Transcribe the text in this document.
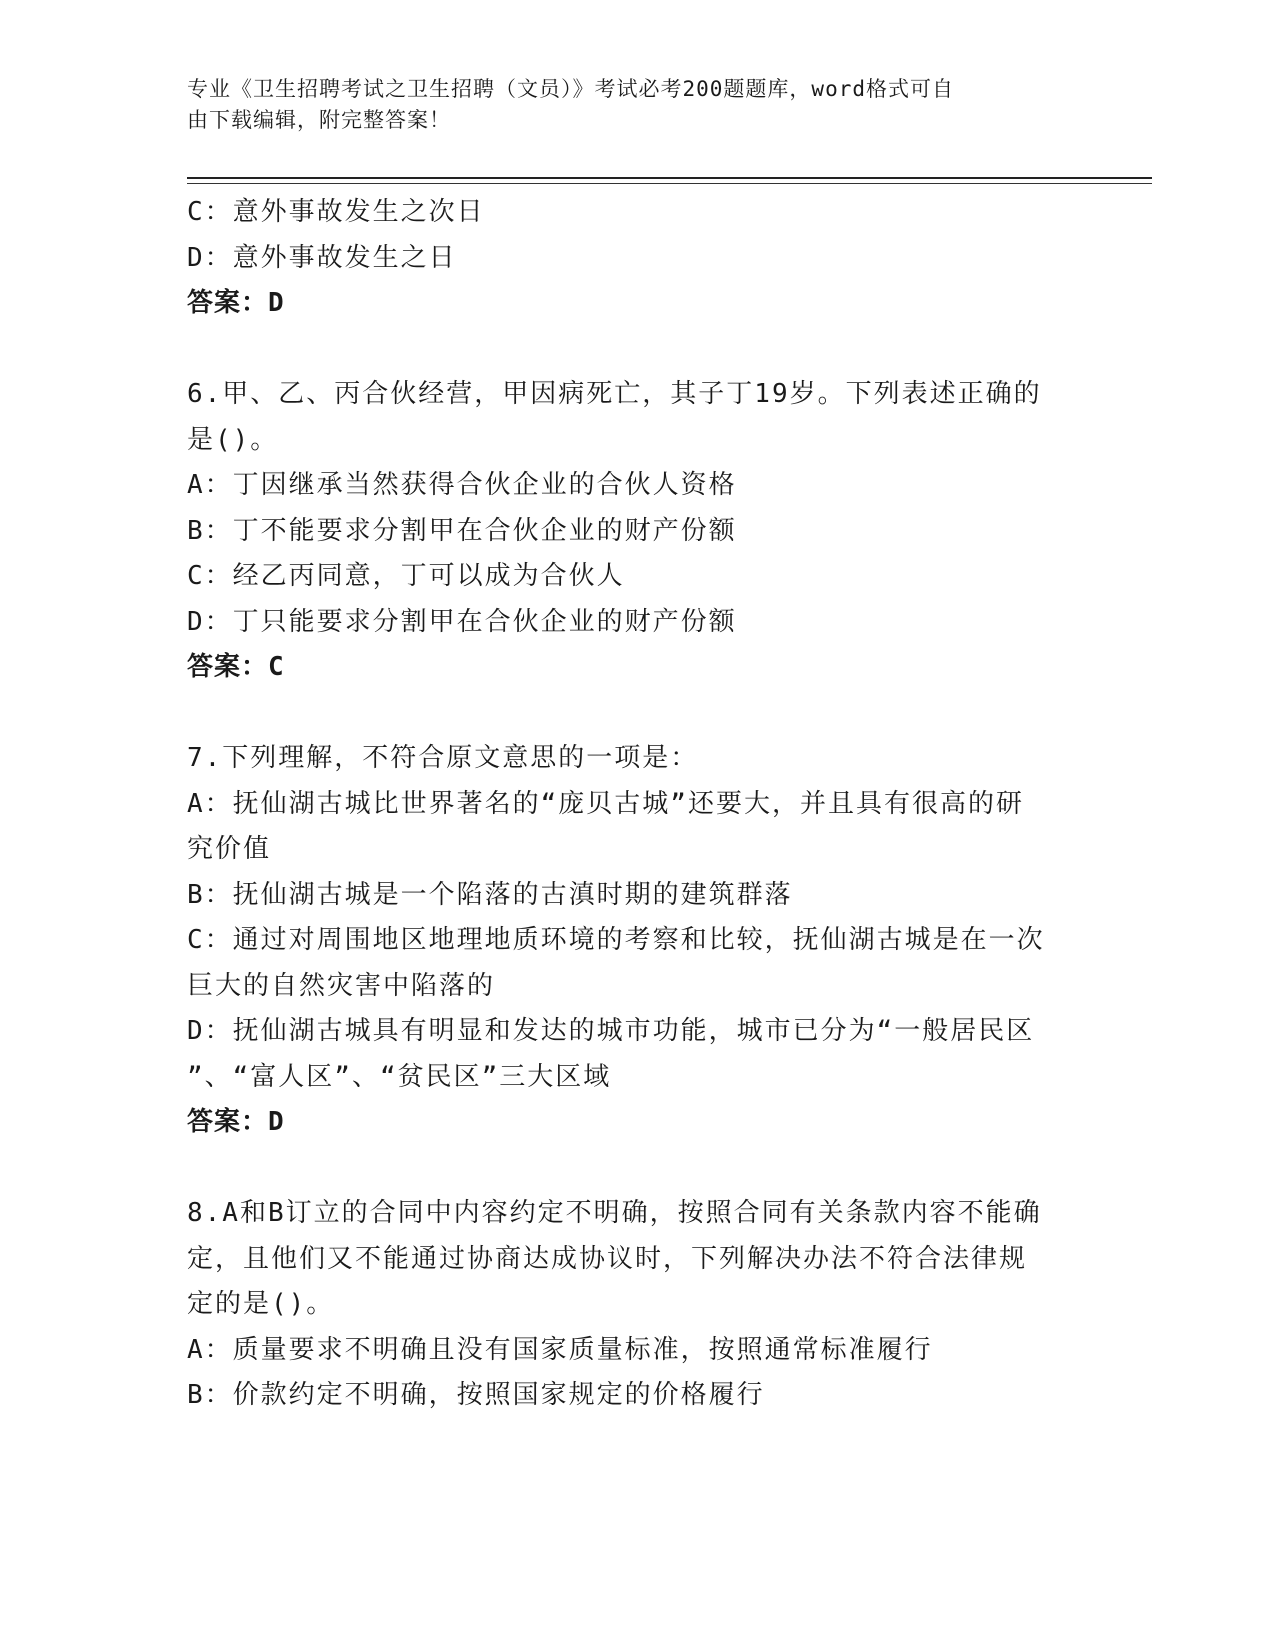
专业《卫生招聘考试之卫生招聘（文员）》考试必考200题题库，word格式可自
由下载编辑，附完整答案！
C：意外事故发生之次日
D：意外事故发生之日
答案：D
6.甲、乙、丙合伙经营，甲因病死亡，其子丁19岁。下列表述正确的
是()。
A：丁因继承当然获得合伙企业的合伙人资格
B：丁不能要求分割甲在合伙企业的财产份额
C：经乙丙同意，丁可以成为合伙人
D：丁只能要求分割甲在合伙企业的财产份额
答案：C
7.下列理解，不符合原文意思的一项是：
A：抚仙湖古城比世界著名的“庞贝古城”还要大，并且具有很高的研
究价值
B：抚仙湖古城是一个陷落的古滇时期的建筑群落
C：通过对周围地区地理地质环境的考察和比较，抚仙湖古城是在一次
巨大的自然灾害中陷落的
D：抚仙湖古城具有明显和发达的城市功能，城市已分为“一般居民区
”、“富人区”、“贫民区”三大区域
答案：D
8.A和B订立的合同中内容约定不明确，按照合同有关条款内容不能确
定，且他们又不能通过协商达成协议时，下列解决办法不符合法律规
定的是()。
A：质量要求不明确且没有国家质量标准，按照通常标准履行
B：价款约定不明确，按照国家规定的价格履行
